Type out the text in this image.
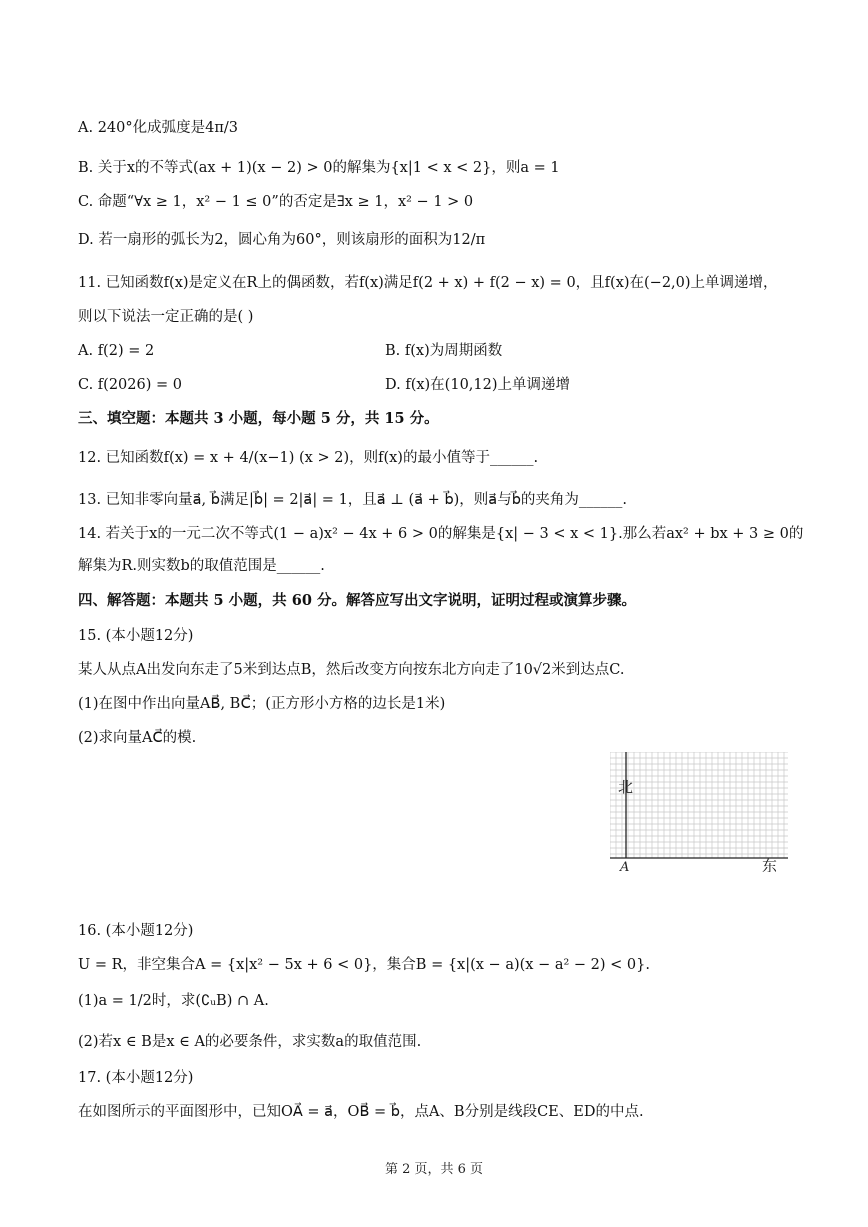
A. 240°化成弧度是4π/3
B. 关于x的不等式(ax + 1)(x − 2) > 0的解集为{x|1 < x < 2}，则a = 1
C. 命题“∀x ≥ 1，x² − 1 ≤ 0”的否定是∃x ≥ 1，x² − 1 > 0
D. 若一扇形的弧长为2，圆心角为60°，则该扇形的面积为12/π
11. 已知函数f(x)是定义在R上的偶函数，若f(x)满足f(2 + x) + f(2 − x) = 0，且f(x)在(−2,0)上单调递增，
则以下说法一定正确的是( )
A. f(2) = 2	B. f(x)为周期函数
C. f(2026) = 0	D. f(x)在(10,12)上单调递增
三、填空题：本题共 3 小题，每小题 5 分，共 15 分。
12. 已知函数f(x) = x + 4/(x−1) (x > 2)，则f(x)的最小值等于______.
13. 已知非零向量a⃗, b⃗满足|b⃗| = 2|a⃗| = 1，且a⃗ ⊥ (a⃗ + b⃗)，则a⃗与b⃗的夹角为______.
14. 若关于x的一元二次不等式(1 − a)x² − 4x + 6 > 0的解集是{x| − 3 < x < 1}.那么若ax² + bx + 3 ≥ 0的
解集为R.则实数b的取值范围是______.
四、解答题：本题共 5 小题，共 60 分。解答应写出文字说明，证明过程或演算步骤。
15. (本小题12分)
某人从点A出发向东走了5米到达点B，然后改变方向按东北方向走了10√2米到达点C.
(1)在图中作出向量AB⃗, BC⃗；(正方形小方格的边长是1米)
(2)求向量AC⃗的模.
北
A	东
16. (本小题12分)
U = R，非空集合A = {x|x² − 5x + 6 < 0}，集合B = {x|(x − a)(x − a² − 2) < 0}.
(1)a = 1/2时，求(∁ᵤB) ∩ A.
(2)若x ∈ B是x ∈ A的必要条件，求实数a的取值范围.
17. (本小题12分)
在如图所示的平面图形中，已知OA⃗ = a⃗，OB⃗ = b⃗，点A、B分别是线段CE、ED的中点.
第 2 页，共 6 页
